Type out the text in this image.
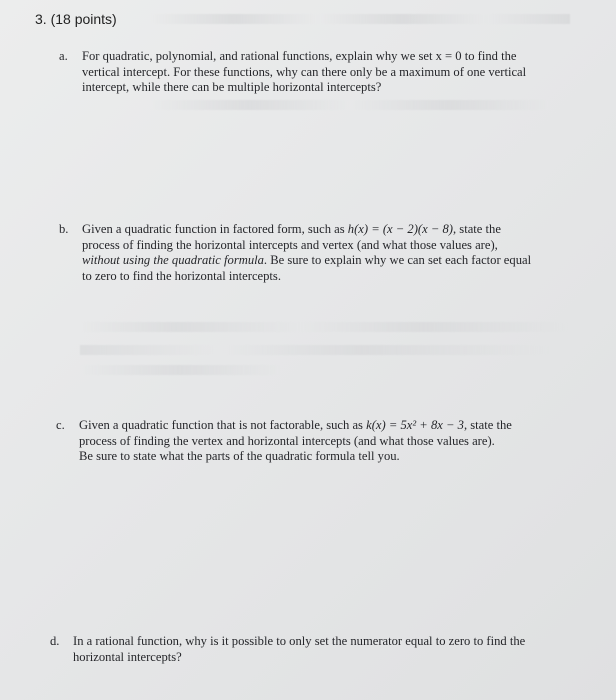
3. (18 points)
a. For quadratic, polynomial, and rational functions, explain why we set x = 0 to find the
vertical intercept. For these functions, why can there only be a maximum of one vertical
intercept, while there can be multiple horizontal intercepts?
b. Given a quadratic function in factored form, such as h(x) = (x − 2)(x − 8), state the
process of finding the horizontal intercepts and vertex (and what those values are),
without using the quadratic formula. Be sure to explain why we can set each factor equal
to zero to find the horizontal intercepts.
c. Given a quadratic function that is not factorable, such as k(x) = 5x² + 8x − 3, state the
process of finding the vertex and horizontal intercepts (and what those values are).
Be sure to state what the parts of the quadratic formula tell you.
d. In a rational function, why is it possible to only set the numerator equal to zero to find the
horizontal intercepts?
